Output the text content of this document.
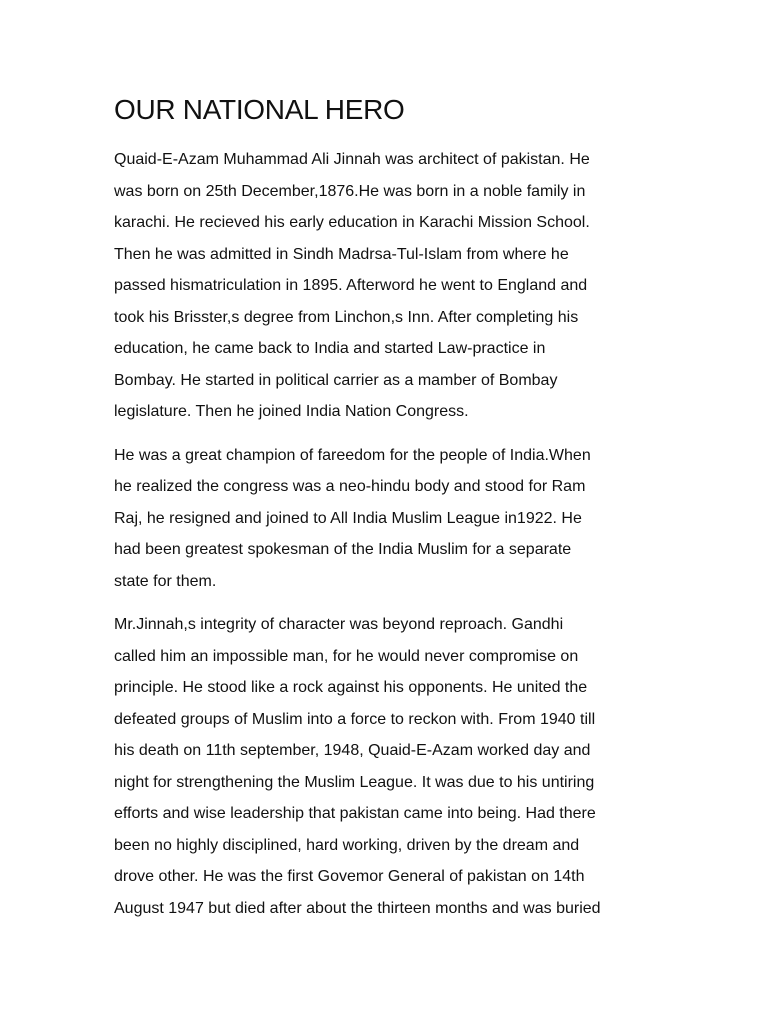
OUR NATIONAL HERO
Quaid-E-Azam Muhammad Ali Jinnah was architect of pakistan. He
was born on 25th December,1876.He was born in a noble family in
karachi. He recieved his early education in Karachi Mission School.
Then he was admitted in Sindh Madrsa-Tul-Islam from where he
passed hismatriculation in 1895. Afterword he went to England and
took his Brisster,s degree from Linchon,s Inn. After completing his
education, he came back to India and started Law-practice in
Bombay. He started in political carrier as a mamber of Bombay
legislature. Then he joined India Nation Congress.
He was a great champion of fareedom for the people of India.When
he realized the congress was a neo-hindu body and stood for Ram
Raj, he resigned and joined to All India Muslim League in1922. He
had been greatest spokesman of the India Muslim for a separate
state for them.
Mr.Jinnah,s integrity of character was beyond reproach. Gandhi
called him an impossible man, for he would never compromise on
principle. He stood like a rock against his opponents. He united the
defeated groups of Muslim into a force to reckon with. From 1940 till
his death on 11th september, 1948, Quaid-E-Azam worked day and
night for strengthening the Muslim League. It was due to his untiring
efforts and wise leadership that pakistan came into being. Had there
been no highly disciplined, hard working, driven by the dream and
drove other. He was the first Govemor General of pakistan on 14th
August 1947 but died after about the thirteen months and was buried
